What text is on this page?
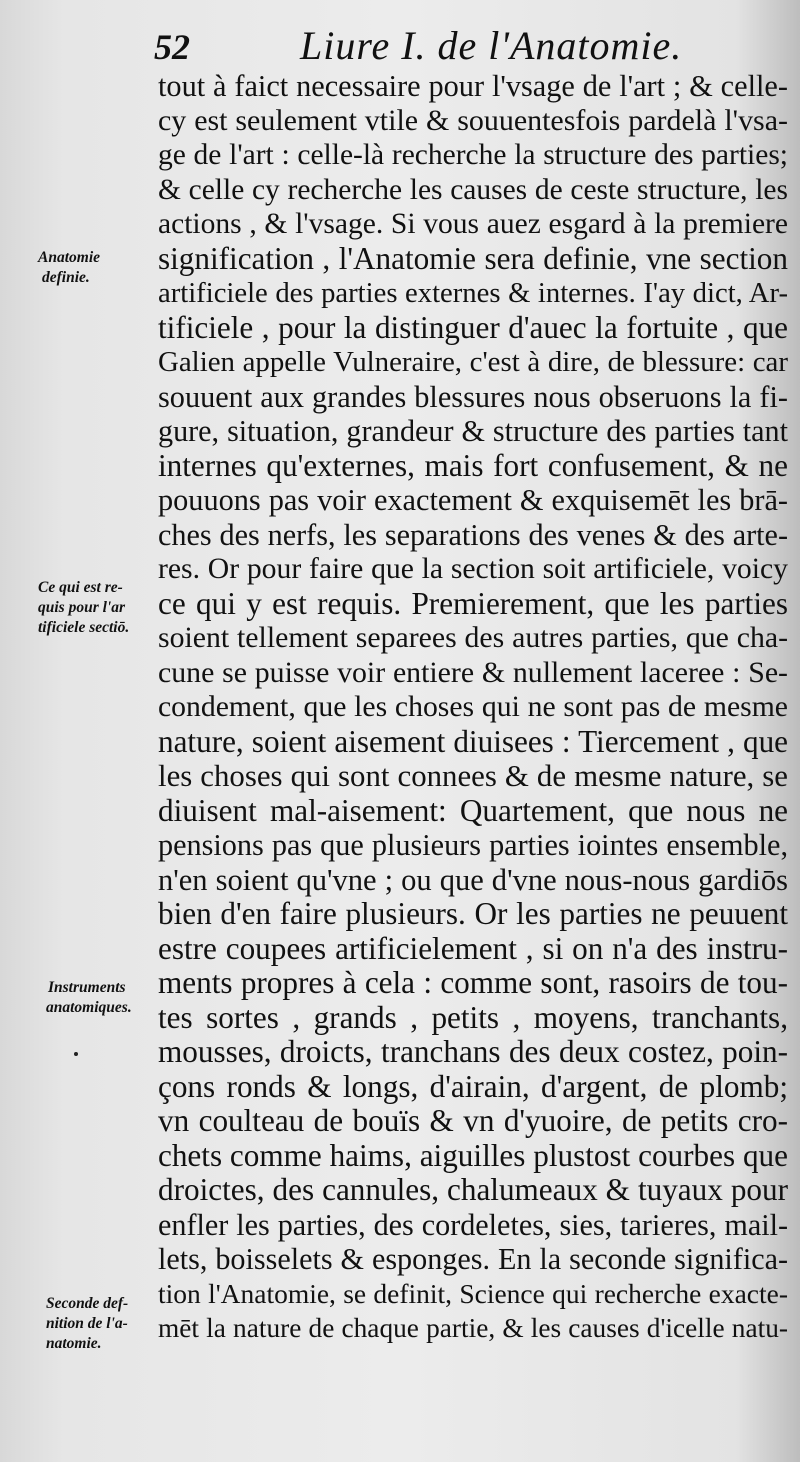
52	Liure I. de l'Anatomie.
Anatomie
definie.
Ce qui est re-
quis pour l'ar
tificiele sectiō.
Instruments
anatomiques.
Seconde def-
nition de l'a-
natomie.
tout à faict necessaire pour l'vsage de l'art ; & celle-
cy est seulement vtile & souuentesfois pardelà l'vsa-
ge de l'art : celle-là recherche la structure des parties;
& celle cy recherche les causes de ceste structure, les
actions , & l'vsage. Si vous auez esgard à la premiere
signification , l'Anatomie sera definie, vne section
artificiele des parties externes & internes. I'ay dict, Ar-
tificiele , pour la distinguer d'auec la fortuite , que
Galien appelle Vulneraire, c'est à dire, de blessure: car
souuent aux grandes blessures nous obseruons la fi-
gure, situation, grandeur & structure des parties tant
internes qu'externes, mais fort confusement, & ne
pouuons pas voir exactement & exquisemēt les brā-
ches des nerfs, les separations des venes & des arte-
res. Or pour faire que la section soit artificiele, voicy
ce qui y est requis. Premierement, que les parties
soient tellement separees des autres parties, que cha-
cune se puisse voir entiere & nullement laceree : Se-
condement, que les choses qui ne sont pas de mesme
nature, soient aisement diuisees : Tiercement , que
les choses qui sont connees & de mesme nature, se
diuisent mal-aisement: Quartement, que nous ne
pensions pas que plusieurs parties iointes ensemble,
n'en soient qu'vne ; ou que d'vne nous-nous gardiōs
bien d'en faire plusieurs. Or les parties ne peuuent
estre coupees artificielement , si on n'a des instru-
ments propres à cela : comme sont, rasoirs de tou-
tes sortes , grands , petits , moyens, tranchants,
mousses, droicts, tranchans des deux costez, poin-
çons ronds & longs, d'airain, d'argent, de plomb;
vn coulteau de bouïs & vn d'yuoire, de petits cro-
chets comme haims, aiguilles plustost courbes que
droictes, des cannules, chalumeaux & tuyaux pour
enfler les parties, des cordeletes, sies, tarieres, mail-
lets, boisselets & esponges. En la seconde significa-
tion l'Anatomie, se definit, Science qui recherche exacte-
mēt la nature de chaque partie, & les causes d'icelle natu-
